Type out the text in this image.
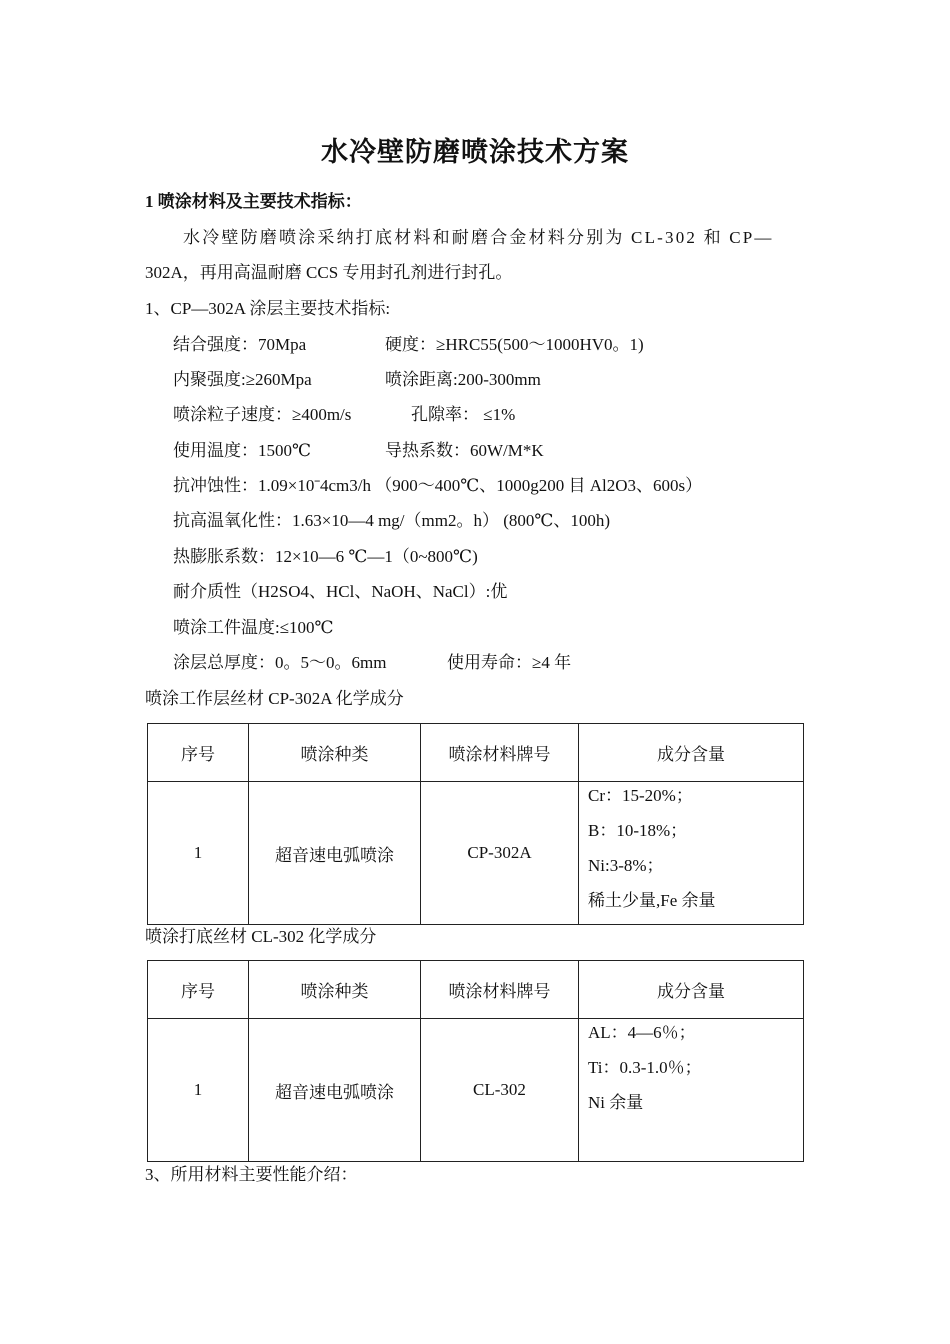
水冷壁防磨喷涂技术方案
1 喷涂材料及主要技术指标：
水冷壁防磨喷涂采纳打底材料和耐磨合金材料分别为 CL-302 和 CP—
302A，再用高温耐磨 CCS 专用封孔剂进行封孔。
1、CP—302A 涂层主要技术指标:
结合强度：70Mpa	硬度：≥HRC55(500～1000HV0。1)
内聚强度:≥260Mpa	喷涂距离:200-300mm
喷涂粒子速度：≥400m/s	孔隙率： ≤1%
使用温度：1500℃	导热系数：60W/M*K
抗冲蚀性：1.09×10ˉ4cm3/h （900～400℃、1000g200 目 Al2O3、600s）
抗高温氧化性：1.63×10—4 mg/（mm2。h） (800℃、100h)
热膨胀系数：12×10—6 ℃—1（0~800℃)
耐介质性（H2SO4、HCl、NaOH、NaCl）:优
喷涂工件温度:≤100℃
涂层总厚度：0。5～0。6mm	使用寿命：≥4 年
喷涂工作层丝材 CP-302A 化学成分
序号	喷涂种类	喷涂材料牌号	成分含量
1	超音速电弧喷涂	CP-302A	Cr：15-20%；
B：10-18%；
Ni:3-8%；
稀土少量,Fe 余量
喷涂打底丝材 CL-302 化学成分
序号	喷涂种类	喷涂材料牌号	成分含量
1	超音速电弧喷涂	CL-302	AL：4—6％；
Ti：0.3-1.0％；
Ni 余量
3、所用材料主要性能介绍：
